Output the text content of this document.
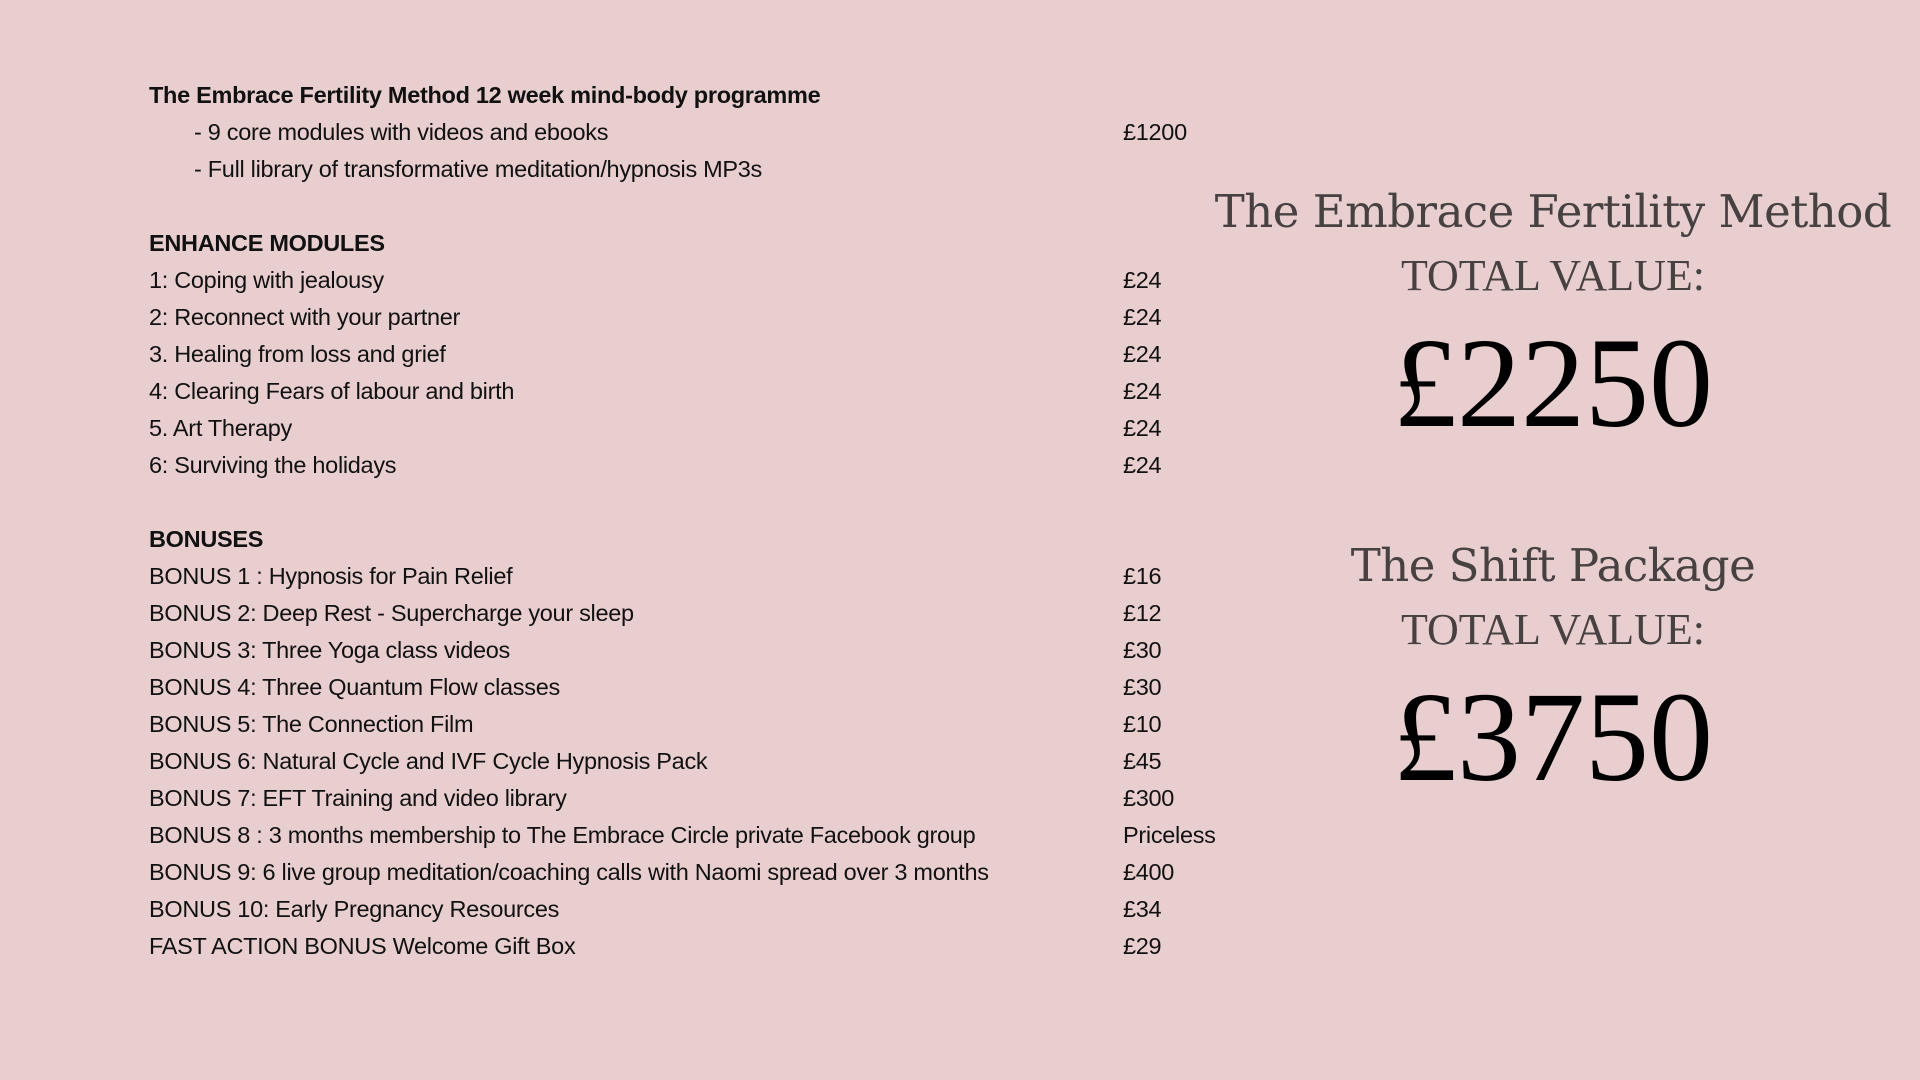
The Embrace Fertility Method 12 week mind-body programme
- 9 core modules with videos and ebooks	£1200
- Full library of transformative meditation/hypnosis MP3s
ENHANCE MODULES
1: Coping with jealousy	£24
2: Reconnect with your partner	£24
3. Healing from loss and grief	£24
4: Clearing Fears of labour and birth	£24
5. Art Therapy	£24
6: Surviving the holidays	£24
BONUSES
BONUS 1 : Hypnosis for Pain Relief	£16
BONUS 2: Deep Rest - Supercharge your sleep	£12
BONUS 3: Three Yoga class videos	£30
BONUS 4: Three Quantum Flow classes	£30
BONUS 5: The Connection Film	£10
BONUS 6: Natural Cycle and IVF Cycle Hypnosis Pack	£45
BONUS 7: EFT Training and video library	£300
BONUS 8 : 3 months membership to The Embrace Circle private Facebook group	Priceless
BONUS 9: 6 live group meditation/coaching calls with Naomi spread over 3 months	£400
BONUS 10: Early Pregnancy Resources	£34
FAST ACTION BONUS Welcome Gift Box	£29
The Embrace Fertility Method
TOTAL VALUE:
£2250
The Shift Package
TOTAL VALUE:
£3750
